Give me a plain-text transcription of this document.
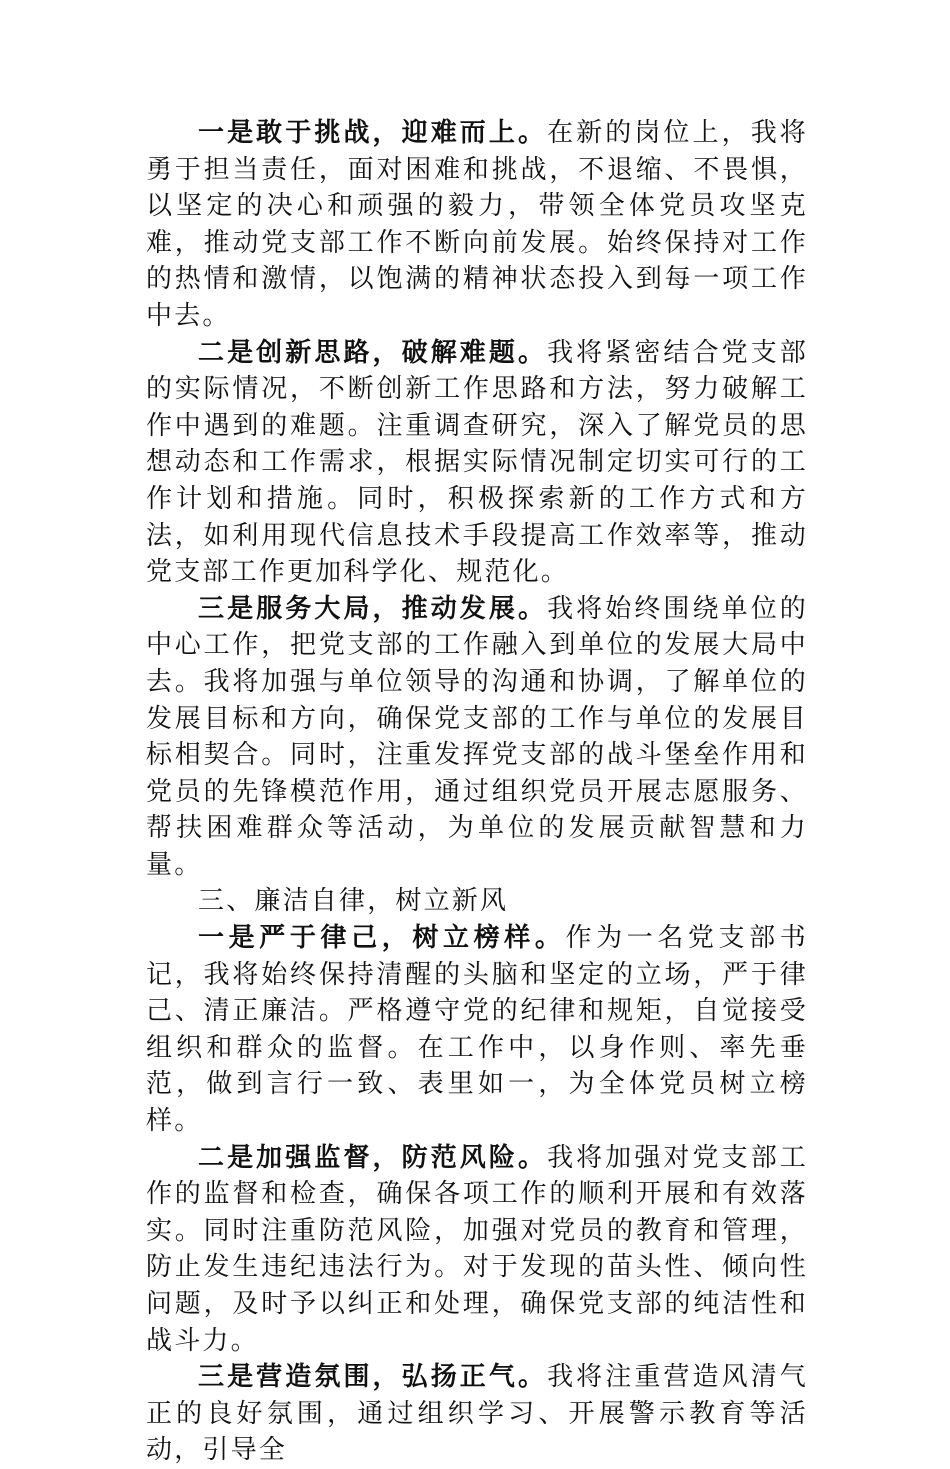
一是敢于挑战，迎难而上。在新的岗位上，我将勇于担当责任，面对困难和挑战，不退缩、不畏惧，以坚定的决心和顽强的毅力，带领全体党员攻坚克难，推动党支部工作不断向前发展。始终保持对工作的热情和激情，以饱满的精神状态投入到每一项工作中去。

二是创新思路，破解难题。我将紧密结合党支部的实际情况，不断创新工作思路和方法，努力破解工作中遇到的难题。注重调查研究，深入了解党员的思想动态和工作需求，根据实际情况制定切实可行的工作计划和措施。同时，积极探索新的工作方式和方法，如利用现代信息技术手段提高工作效率等，推动党支部工作更加科学化、规范化。

三是服务大局，推动发展。我将始终围绕单位的中心工作，把党支部的工作融入到单位的发展大局中去。我将加强与单位领导的沟通和协调，了解单位的发展目标和方向，确保党支部的工作与单位的发展目标相契合。同时，注重发挥党支部的战斗堡垒作用和党员的先锋模范作用，通过组织党员开展志愿服务、帮扶困难群众等活动，为单位的发展贡献智慧和力量。

三、廉洁自律，树立新风

一是严于律己，树立榜样。作为一名党支部书记，我将始终保持清醒的头脑和坚定的立场，严于律己、清正廉洁。严格遵守党的纪律和规矩，自觉接受组织和群众的监督。在工作中，以身作则、率先垂范，做到言行一致、表里如一，为全体党员树立榜样。

二是加强监督，防范风险。我将加强对党支部工作的监督和检查，确保各项工作的顺利开展和有效落实。同时注重防范风险，加强对党员的教育和管理，防止发生违纪违法行为。对于发现的苗头性、倾向性问题，及时予以纠正和处理，确保党支部的纯洁性和战斗力。

三是营造氛围，弘扬正气。我将注重营造风清气正的良好氛围，通过组织学习、开展警示教育等活动，引导全
